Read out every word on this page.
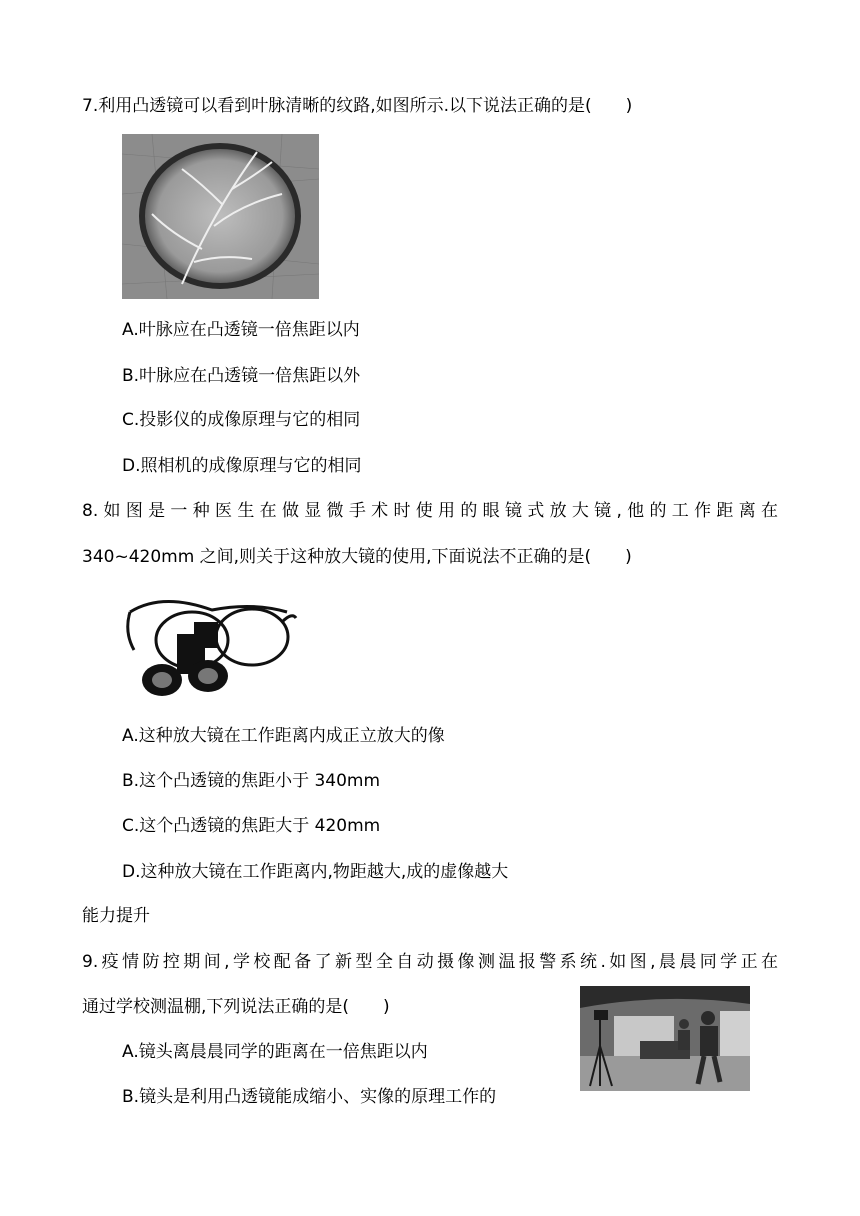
7.利用凸透镜可以看到叶脉清晰的纹路,如图所示.以下说法正确的是(　　)
A.叶脉应在凸透镜一倍焦距以内
B.叶脉应在凸透镜一倍焦距以外
C.投影仪的成像原理与它的相同
D.照相机的成像原理与它的相同
8.如图是一种医生在做显微手术时使用的眼镜式放大镜,他的工作距离在
340~420mm 之间,则关于这种放大镜的使用,下面说法不正确的是(　　)
A.这种放大镜在工作距离内成正立放大的像
B.这个凸透镜的焦距小于 340mm
C.这个凸透镜的焦距大于 420mm
D.这种放大镜在工作距离内,物距越大,成的虚像越大
能力提升
9.疫情防控期间,学校配备了新型全自动摄像测温报警系统.如图,晨晨同学正在
通过学校测温棚,下列说法正确的是(　　)
A.镜头离晨晨同学的距离在一倍焦距以内
B.镜头是利用凸透镜能成缩小、实像的原理工作的
